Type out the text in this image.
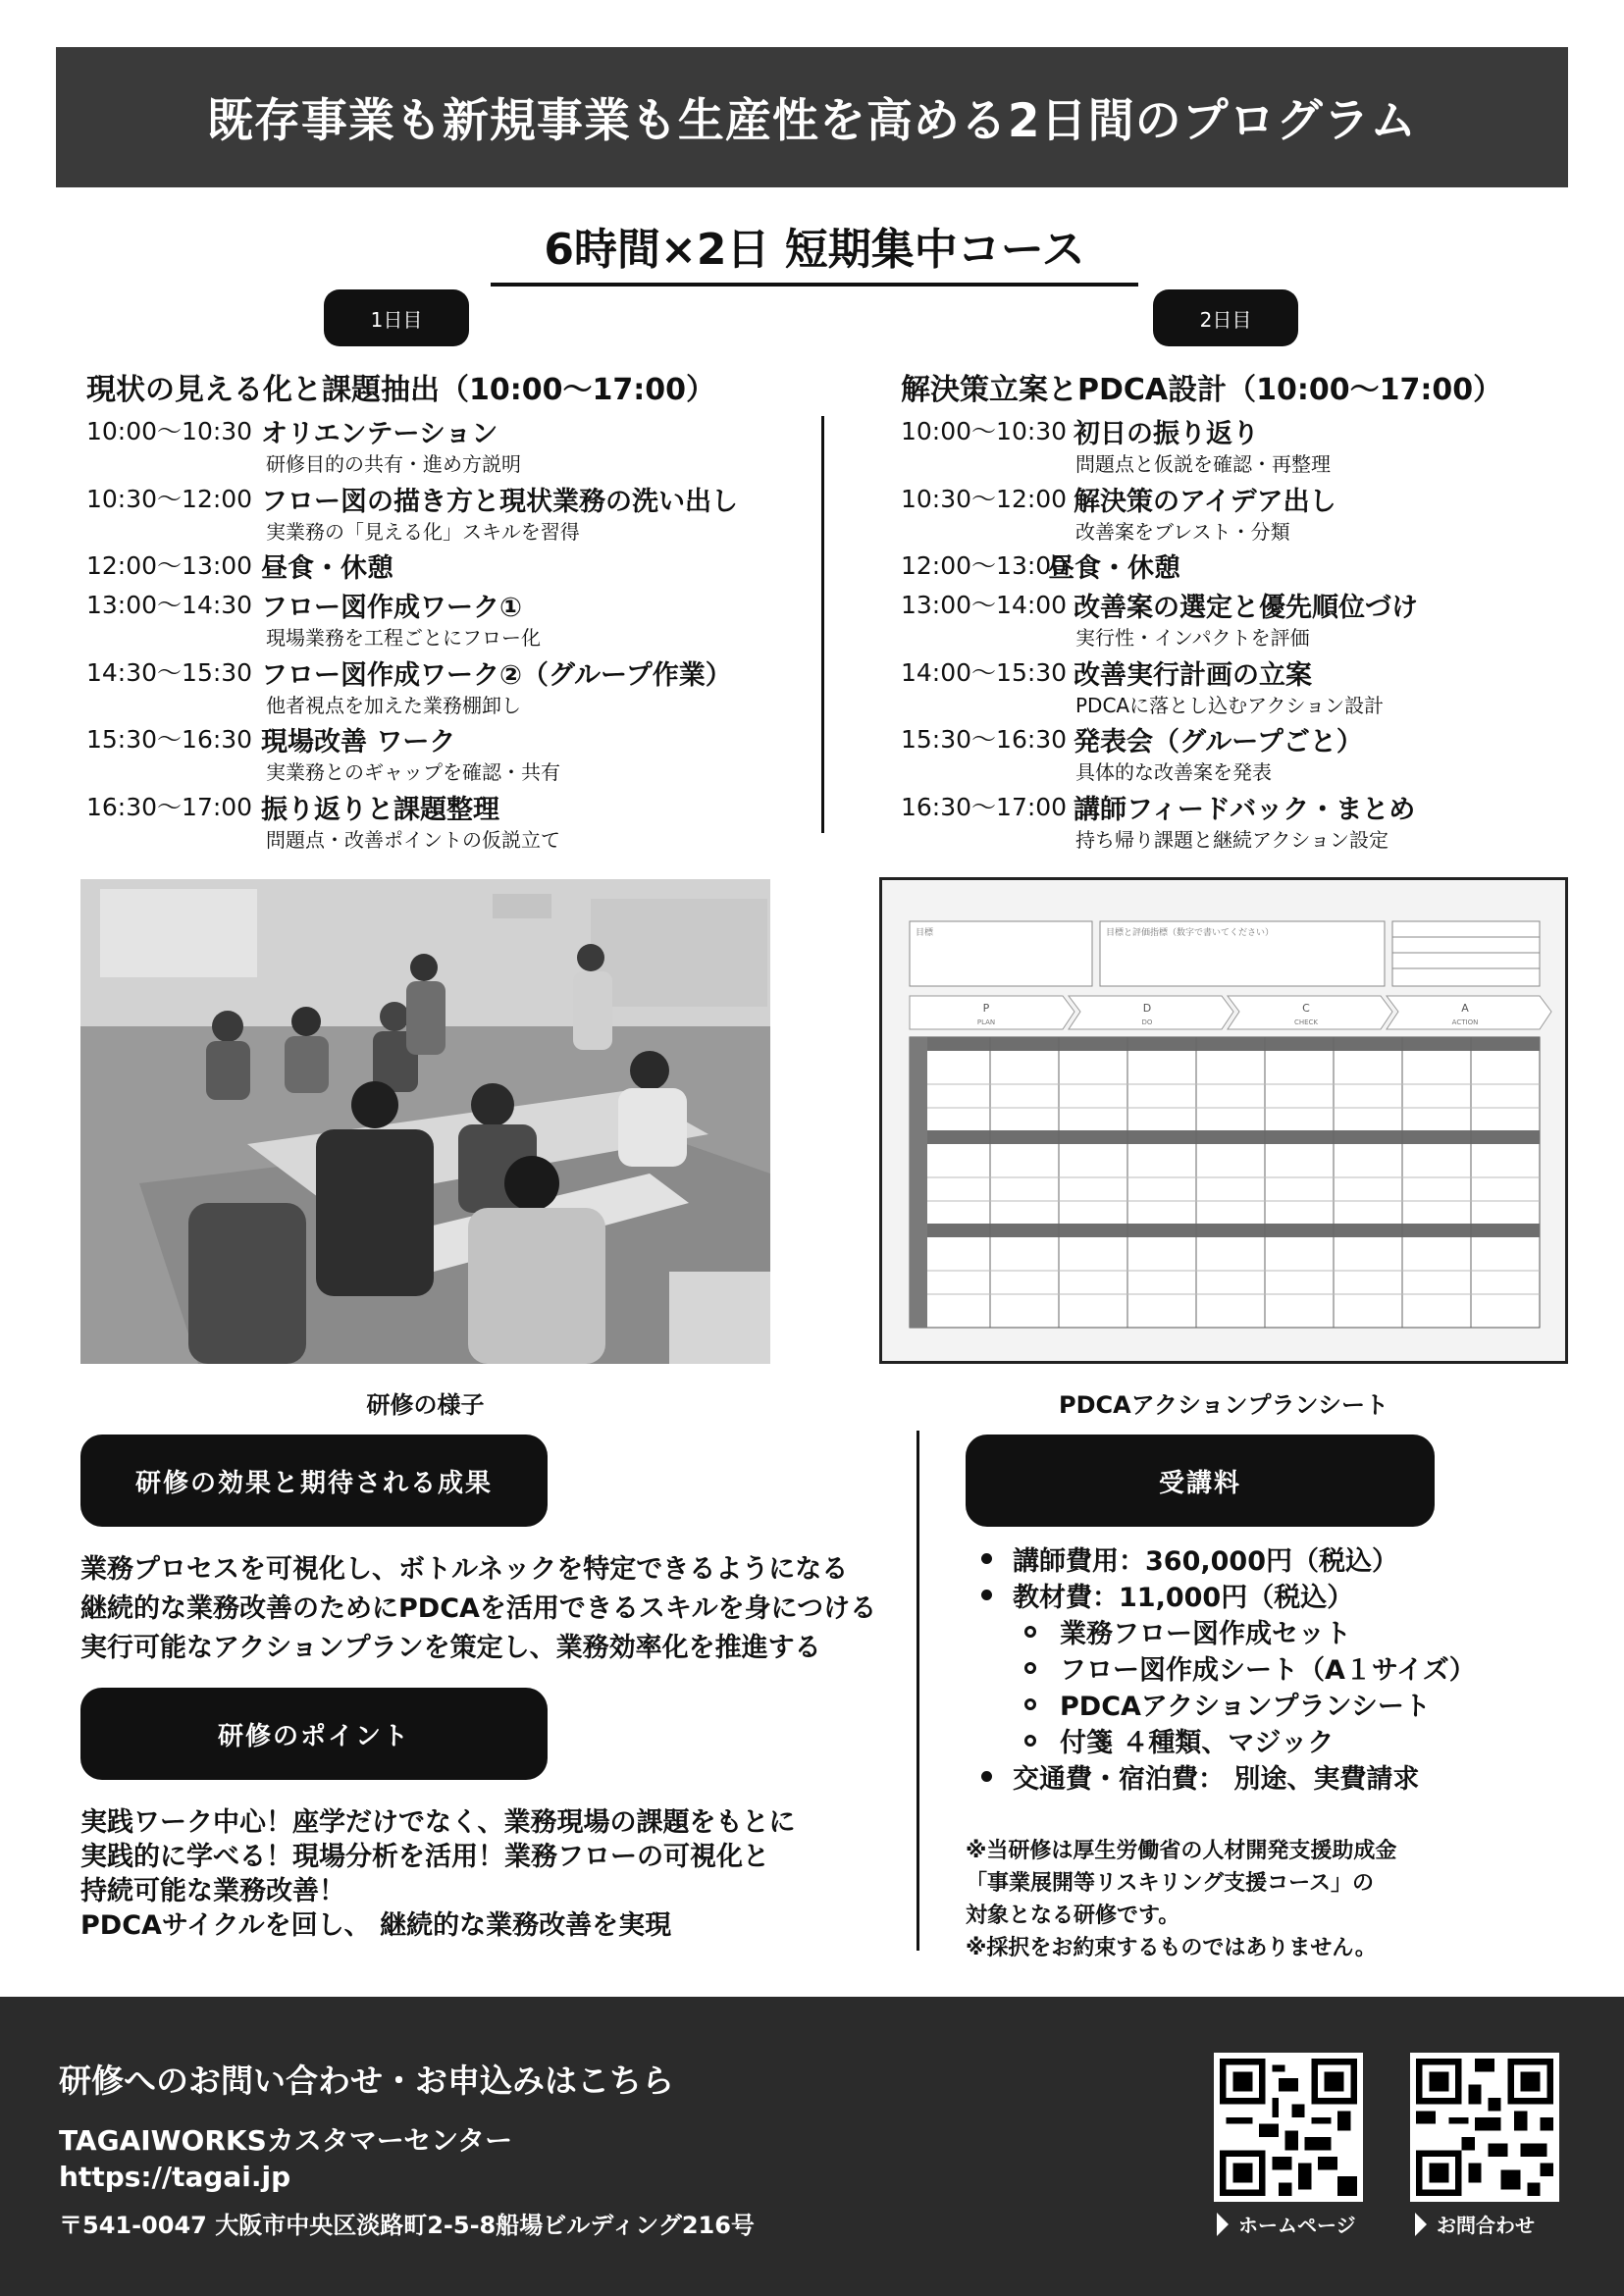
既存事業も新規事業も生産性を高める2日間のプログラム
6時間×2日 短期集中コース
1日目	2日目
現状の見える化と課題抽出（10:00～17:00）	解決策立案とPDCA設計（10:00～17:00）
10:00～10:30 オリエンテーション
研修目的の共有・進め方説明
10:30～12:00 フロー図の描き方と現状業務の洗い出し
実業務の「見える化」スキルを習得
12:00～13:00 昼食・休憩
13:00～14:30 フロー図作成ワーク①
現場業務を工程ごとにフロー化
14:30～15:30 フロー図作成ワーク②（グループ作業）
他者視点を加えた業務棚卸し
15:30～16:30 現場改善 ワーク
実業務とのギャップを確認・共有
16:30～17:00 振り返りと課題整理
問題点・改善ポイントの仮説立て
10:00～10:30 初日の振り返り
問題点と仮説を確認・再整理
10:30～12:00 解決策のアイデア出し
改善案をブレスト・分類
12:00～13:00
昼食・休憩
13:00～14:00 改善案の選定と優先順位づけ
実行性・インパクトを評価
14:00～15:30 改善実行計画の立案
PDCAに落とし込むアクション設計
15:30～16:30 発表会（グループごと）
具体的な改善案を発表
16:30～17:00 講師フィードバック・まとめ
持ち帰り課題と継続アクション設定
研修の様子
目標	目標と評価指標（数字で書いてください）
P
PLAN
D
DO
C
CHECK
A
ACTION
PDCAアクションプランシート
研修の効果と期待される成果
業務プロセスを可視化し、ボトルネックを特定できるようになる
継続的な業務改善のためにPDCAを活用できるスキルを身につける
実行可能なアクションプランを策定し、業務効率化を推進する
研修のポイント
実践ワーク中心！座学だけでなく、業務現場の課題をもとに
実践的に学べる！現場分析を活用！業務フローの可視化と
持続可能な業務改善！
PDCAサイクルを回し、 継続的な業務改善を実現
受講料
講師費用：360,000円（税込）
教材費：11,000円（税込）
業務フロー図作成セット
フロー図作成シート（A１サイズ）
PDCAアクションプランシート
付箋 ４種類、マジック
交通費・宿泊費： 別途、実費請求
※当研修は厚生労働省の人材開発支援助成金
「事業展開等リスキリング支援コース」の
対象となる研修です。
※採択をお約束するものではありません。
研修へのお問い合わせ・お申込みはこちら
TAGAIWORKSカスタマーセンター
https://tagai.jp
〒541-0047 大阪市中央区淡路町2-5-8船場ビルディング216号	ホームページ	お問合わせ
